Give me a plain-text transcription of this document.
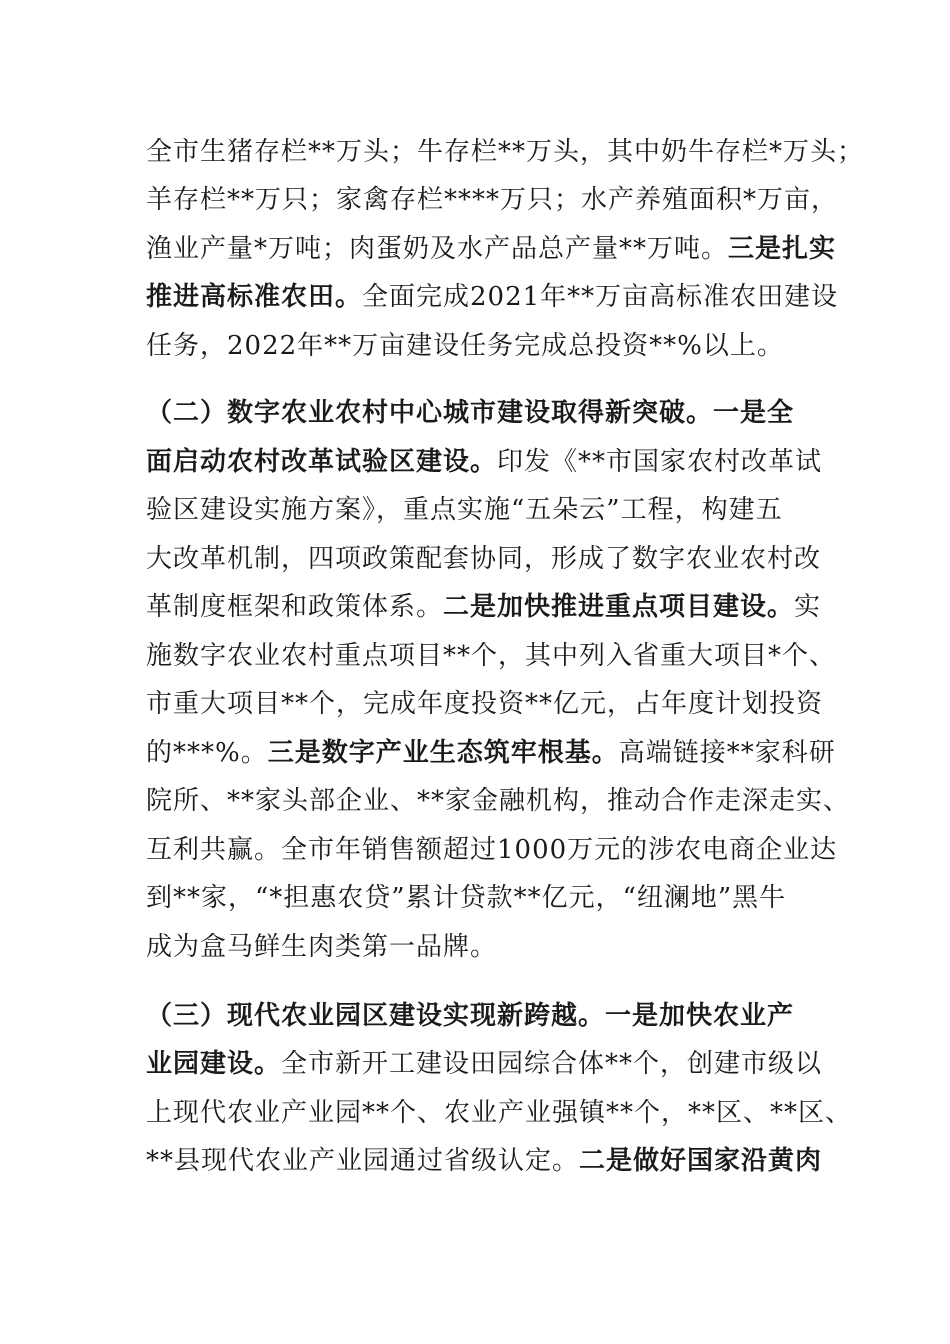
全市生猪存栏**万头；牛存栏**万头，其中奶牛存栏*万头；
羊存栏**万只；家禽存栏****万只；水产养殖面积*万亩，
渔业产量*万吨；肉蛋奶及水产品总产量**万吨。三是扎实
推进高标准农田。全面完成2021年**万亩高标准农田建设
任务，2022年**万亩建设任务完成总投资**%以上。
（二）数字农业农村中心城市建设取得新突破。一是全
面启动农村改革试验区建设。印发《**市国家农村改革试
验区建设实施方案》，重点实施“五朵云”工程，构建五
大改革机制，四项政策配套协同，形成了数字农业农村改
革制度框架和政策体系。二是加快推进重点项目建设。实
施数字农业农村重点项目**个，其中列入省重大项目*个、
市重大项目**个，完成年度投资**亿元，占年度计划投资
的***%。三是数字产业生态筑牢根基。高端链接**家科研
院所、**家头部企业、**家金融机构，推动合作走深走实、
互利共赢。全市年销售额超过1000万元的涉农电商企业达
到**家，“*担惠农贷”累计贷款**亿元，“纽澜地”黑牛
成为盒马鲜生肉类第一品牌。
（三）现代农业园区建设实现新跨越。一是加快农业产
业园建设。全市新开工建设田园综合体**个，创建市级以
上现代农业产业园**个、农业产业强镇**个，**区、**区、
**县现代农业产业园通过省级认定。二是做好国家沿黄肉
